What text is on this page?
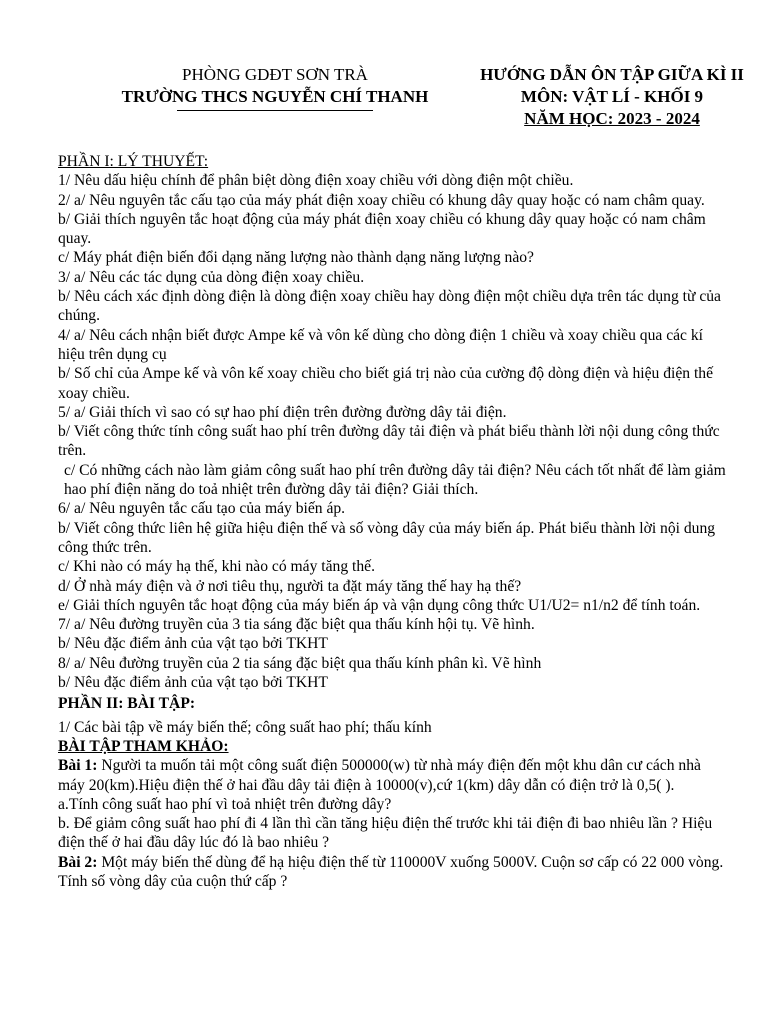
PHÒNG GDĐT SƠN TRÀ
TRƯỜNG THCS NGUYỄN CHÍ THANH
HƯỚNG DẪN ÔN TẬP GIỮA KÌ II
MÔN: VẬT LÍ - KHỐI 9
NĂM HỌC: 2023 - 2024

PHẦN I: LÝ THUYẾT:

1/ Nêu dấu hiệu chính để phân biệt dòng điện xoay chiều với dòng điện một chiều.

2/ a/ Nêu nguyên tắc cấu tạo của máy phát điện xoay chiều có khung dây quay hoặc có nam châm quay.

b/ Giải thích nguyên tắc hoạt động của máy phát điện xoay chiều có khung dây quay hoặc có nam châm quay.

c/ Máy phát điện biến đổi dạng năng lượng nào thành dạng năng lượng nào?

3/ a/ Nêu các tác dụng của dòng điện xoay chiều.

b/ Nêu cách xác định dòng điện là dòng điện xoay chiều hay dòng điện một chiều dựa trên tác dụng từ của chúng.

4/ a/ Nêu cách nhận biết được Ampe kế và vôn kế dùng cho dòng điện 1 chiều và xoay chiều qua các kí hiệu trên dụng cụ

b/ Số chỉ của Ampe kế và vôn kế xoay chiều cho biết giá trị nào của cường độ dòng điện và hiệu điện thế xoay chiều.

5/ a/ Giải thích vì sao có sự hao phí điện trên đường đường dây tải điện.

b/ Viết công thức tính công suất hao phí trên đường dây tải điện và phát biểu thành lời nội dung công thức trên.

c/ Có những cách nào làm giảm công suất hao phí trên đường dây tải điện? Nêu cách tốt nhất để làm giảm hao phí điện năng do toả nhiệt trên đường dây tải điện? Giải thích.

6/ a/ Nêu nguyên tắc cấu tạo của máy biến áp.

b/ Viết công thức liên hệ giữa hiệu điện thế và số vòng dây của máy biến áp. Phát biểu thành lời nội dung công thức trên.

c/ Khi nào có máy hạ thế, khi nào có máy tăng thế.

d/ Ở nhà máy điện và ở nơi tiêu thụ, người ta đặt máy tăng thế hay hạ thế?

e/ Giải thích nguyên tắc hoạt động của máy biến áp và vận dụng công thức U1/U2= n1/n2 để tính toán.

7/ a/ Nêu đường truyền của 3 tia sáng đặc biệt qua thấu kính hội tụ. Vẽ hình.

b/ Nêu đặc điểm ảnh của vật tạo bởi TKHT

8/ a/ Nêu đường truyền của 2 tia sáng đặc biệt qua thấu kính phân kì. Vẽ hình

b/ Nêu đặc điểm ảnh của vật tạo bởi TKHT

PHẦN II: BÀI TẬP:

1/ Các bài tập về máy biến thế; công suất hao phí; thấu kính

BÀI TẬP THAM KHẢO:

Bài 1: Người ta muốn tải một công suất điện 500000(w) từ nhà máy điện đến một khu dân cư cách nhà máy 20(km).Hiệu điện thế ở hai đầu dây tải điện à 10000(v),cứ 1(km) dây dẫn có điện trở là 0,5( ).

a.Tính công suất hao phí vì toả nhiệt trên đường dây?

b. Để giảm công suất hao phí đi 4 lần thì cần tăng hiệu điện thế trước khi tải điện đi bao nhiêu lần ? Hiệu điện thế ở hai đầu dây lúc đó là bao nhiêu ?

Bài 2: Một máy biến thế dùng để hạ hiệu điện thế từ 110000V xuống 5000V. Cuộn sơ cấp có 22 000 vòng. Tính số vòng dây của cuộn thứ cấp ?
